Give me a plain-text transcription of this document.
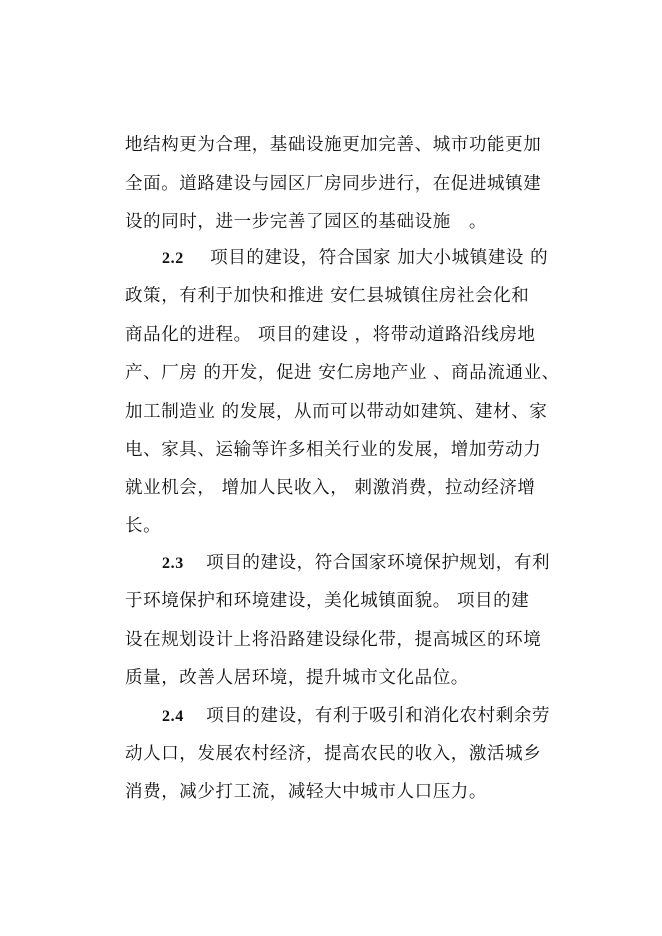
地结构更为合理，基础设施更加完善、城市功能更加
全面。道路建设与园区厂房同步进行，在促进城镇建
设的同时，进一步完善了园区的基础设施　。
2.2 项目的建设，符合国家 加大小城镇建设 的
政策，有利于加快和推进 安仁县城镇住房社会化和
商品化的进程。 项目的建设 ，将带动道路沿线房地
产、厂房 的开发，促进 安仁房地产业 、商品流通业、
加工制造业 的发展，从而可以带动如建筑、建材、家
电、家具、运输等许多相关行业的发展，增加劳动力
就业机会， 增加人民收入， 刺激消费，拉动经济增
长。
2.3 项目的建设，符合国家环境保护规划，有利
于环境保护和环境建设，美化城镇面貌。 项目的建
设在规划设计上将沿路建设绿化带，提高城区的环境
质量，改善人居环境，提升城市文化品位。
2.4 项目的建设，有利于吸引和消化农村剩余劳
动人口，发展农村经济，提高农民的收入，激活城乡
消费，减少打工流，减轻大中城市人口压力。
